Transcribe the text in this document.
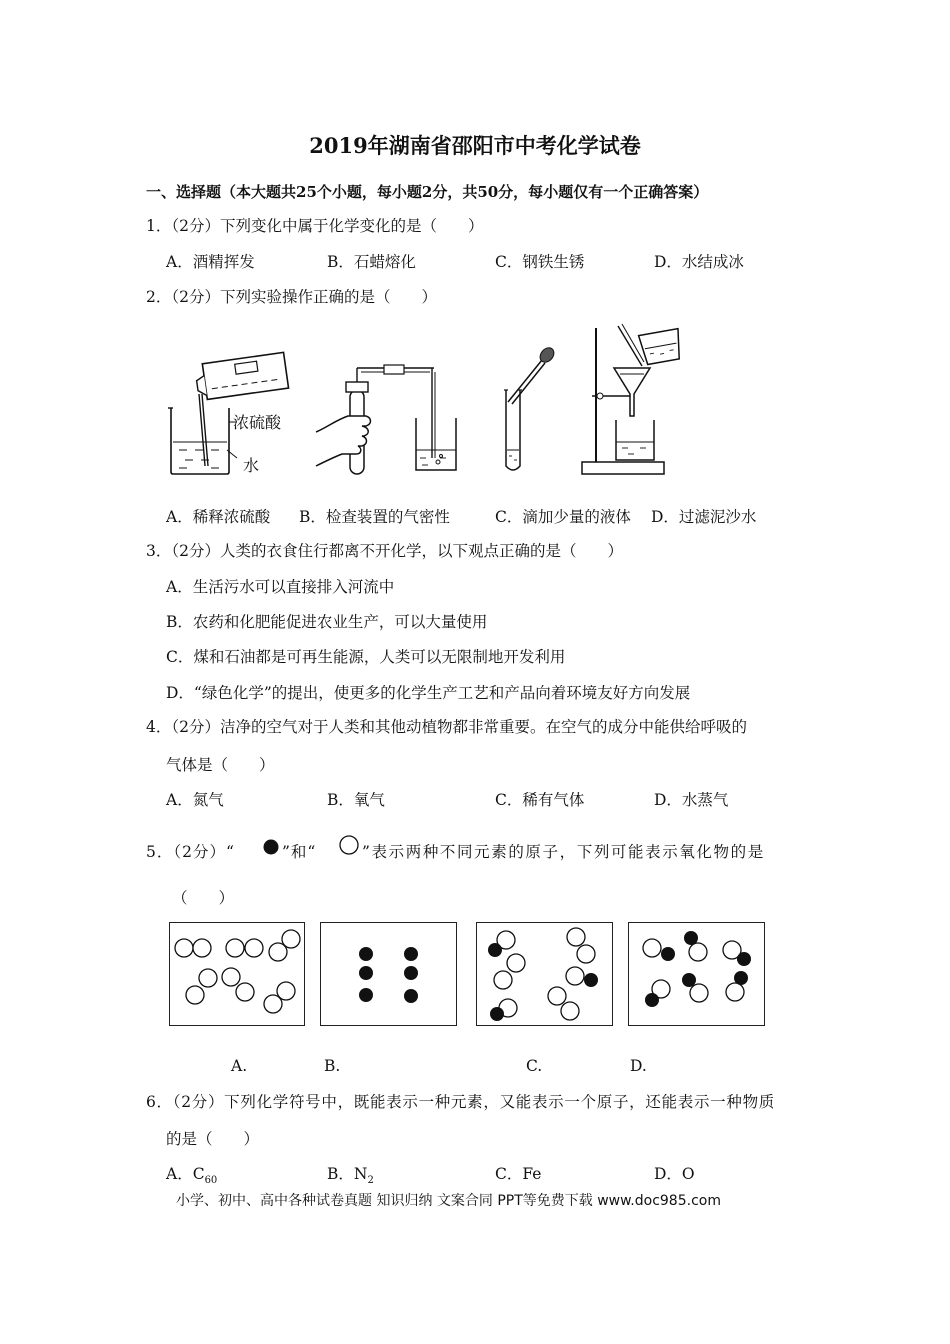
2019年湖南省邵阳市中考化学试卷
一、选择题（本大题共25个小题，每小题2分，共50分，每小题仅有一个正确答案）
1．（2分）下列变化中属于化学变化的是（　　）
A．酒精挥发	B．石蜡熔化	C．钢铁生锈	D．水结成冰
2．（2分）下列实验操作正确的是（　　）
浓硫酸
水
A．稀释浓硫酸 B．检查装置的气密性	C．滴加少量的液体 D．过滤泥沙水
3．（2分）人类的衣食住行都离不开化学，以下观点正确的是（　　）
A．生活污水可以直接排入河流中
B．农药和化肥能促进农业生产，可以大量使用
C．煤和石油都是可再生能源，人类可以无限制地开发利用
D．“绿色化学”的提出，使更多的化学生产工艺和产品向着环境友好方向发展
4．（2分）洁净的空气对于人类和其他动植物都非常重要。在空气的成分中能供给呼吸的
气体是（　　）
A．氮气	B．氧气	C．稀有气体	D．水蒸气
5．（2分）“	”和“	”表示两种不同元素的原子，下列可能表示氧化物的是
（　　）
A.	B.	C.	D.
6．（2分）下列化学符号中，既能表示一种元素，又能表示一个原子，还能表示一种物质
的是（　　）
A．$C_{60}$	B．$N_2$	C．Fe	D．O
小学、初中、高中各种试卷真题 知识归纳 文案合同 PPT等免费下载 www.doc985.com
